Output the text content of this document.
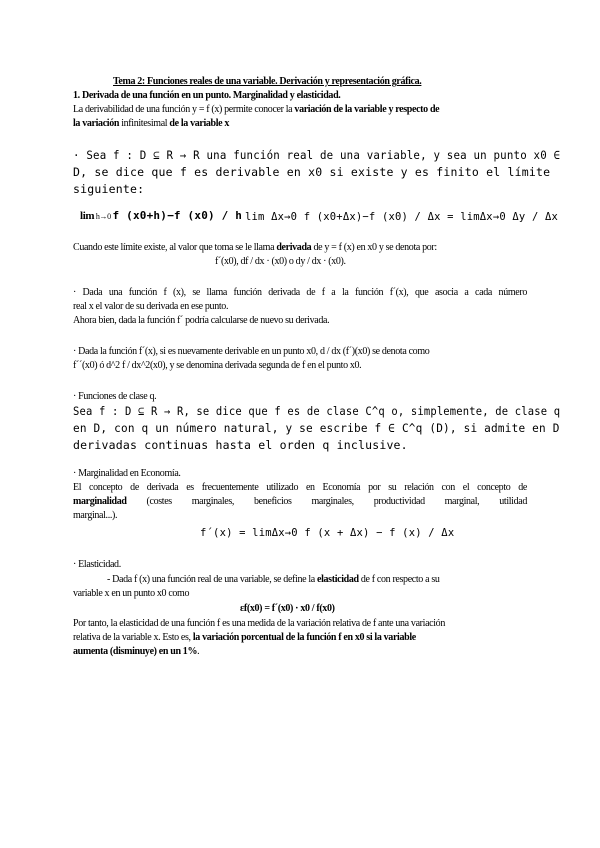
Tema 2: Funciones reales de una variable. Derivación y representación gráfica.
1. Derivada de una función en un punto. Marginalidad y elasticidad.
La derivabilidad de una función y = f (x) permite conocer la variación de la variable y respecto de
la variación infinitesimal de la variable x
· Sea f : D ⊆ R → R una función real de una variable, y sea un punto x0 ∈
D, se dice que f es derivable en x0 si existe y es finito el límite
siguiente:
lim h→0 f (x0+h)−f (x0) / h lim Δx→0 f (x0+Δx)−f (x0) / Δx = limΔx→0 Δy / Δx
Cuando este límite existe, al valor que toma se le llama derivada de y = f (x) en x0 y se denota por:
f´(x0), df / dx · (x0) o dy / dx · (x0).
· Dada una función f (x), se llama función derivada de f a la función f´(x), que asocia a cada número
real x el valor de su derivada en ese punto.
Ahora bien, dada la función f´ podría calcularse de nuevo su derivada.
· Dada la función f´(x), si es nuevamente derivable en un punto x0, d / dx (f´)(x0) se denota como
f´´(x0) ó d^2 f / dx^2(x0), y se denomina derivada segunda de f en el punto x0.
· Funciones de clase q.
Sea f : D ⊆ R → R, se dice que f es de clase C^q o, simplemente, de clase q
en D, con q un número natural, y se escribe f ∈ C^q (D), si admite en D
derivadas continuas hasta el orden q inclusive.
· Marginalidad en Economía.
El concepto de derivada es frecuentemente utilizado en Economía por su relación con el concepto de
marginalidad (costes marginales, beneficios marginales, productividad marginal, utilidad
marginal...).
f´(x) = limΔx→0 f (x + Δx) − f (x) / Δx
· Elasticidad.
- Dada f (x) una función real de una variable, se define la elasticidad de f con respecto a su
variable x en un punto x0 como
εf(x0) = f´(x0) · x0 / f(x0)
Por tanto, la elasticidad de una función f es una medida de la variación relativa de f ante una variación
relativa de la variable x. Esto es, la variación porcentual de la función f en x0 si la variable
aumenta (disminuye) en un 1%.
